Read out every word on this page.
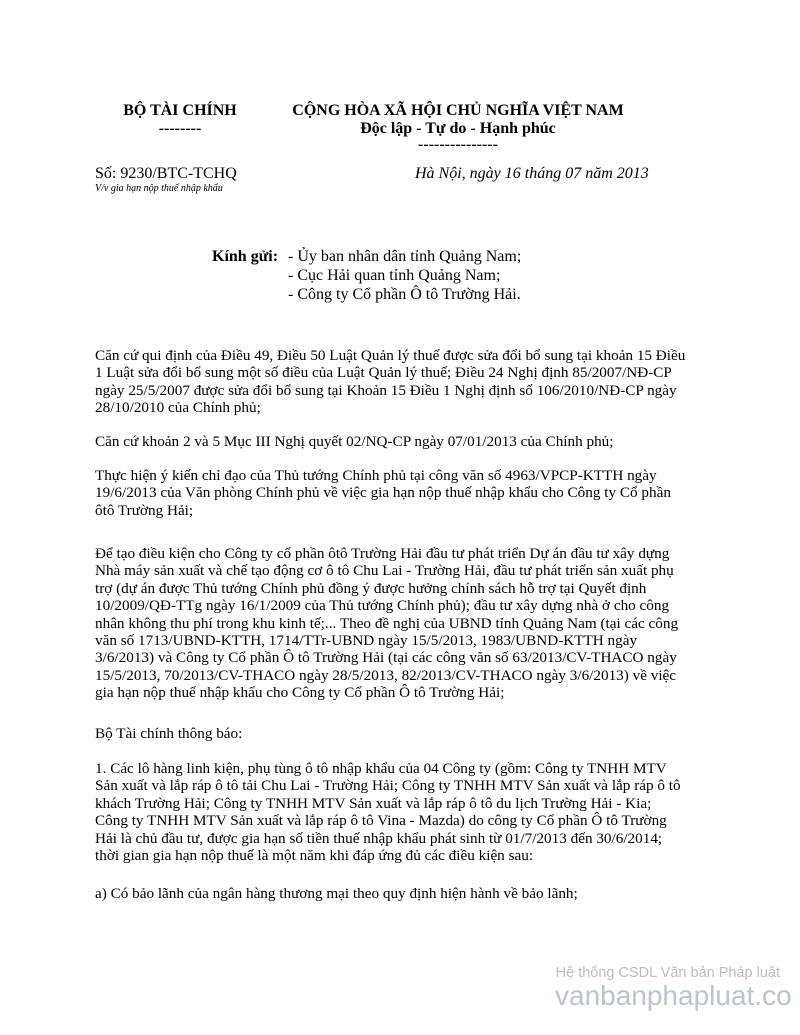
BỘ TÀI CHÍNH
--------
CỘNG HÒA XÃ HỘI CHỦ NGHĨA VIỆT NAM
Độc lập - Tự do - Hạnh phúc
---------------
Số: 9230/BTC-TCHQ
V/v gia hạn nộp thuế nhập khẩu
Hà Nội, ngày 16 tháng 07 năm 2013
Kính gửi: - Ủy ban nhân dân tỉnh Quảng Nam;
- Cục Hải quan tỉnh Quảng Nam;
- Công ty Cổ phần Ô tô Trường Hải.
Căn cứ qui định của Điều 49, Điều 50 Luật Quản lý thuế được sửa đổi bổ sung tại khoản 15 Điều
1 Luật sửa đổi bổ sung một số điều của Luật Quản lý thuế; Điều 24 Nghị định 85/2007/NĐ-CP
ngày 25/5/2007 được sửa đổi bổ sung tại Khoản 15 Điều 1 Nghị định số 106/2010/NĐ-CP ngày
28/10/2010 của Chính phủ;
Căn cứ khoản 2 và 5 Mục III Nghị quyết 02/NQ-CP ngày 07/01/2013 của Chính phủ;
Thực hiện ý kiến chỉ đạo của Thủ tướng Chính phủ tại công văn số 4963/VPCP-KTTH ngày
19/6/2013 của Văn phòng Chính phủ về việc gia hạn nộp thuế nhập khẩu cho Công ty Cổ phần
ôtô Trường Hải;
Để tạo điều kiện cho Công ty cổ phần ôtô Trường Hải đầu tư phát triển Dự án đầu tư xây dựng
Nhà máy sản xuất và chế tạo động cơ ô tô Chu Lai - Trường Hải, đầu tư phát triển sản xuất phụ
trợ (dự án được Thủ tướng Chính phủ đồng ý được hưởng chính sách hỗ trợ tại Quyết định
10/2009/QĐ-TTg ngày 16/1/2009 của Thủ tướng Chính phủ); đầu tư xây dựng nhà ở cho công
nhân không thu phí trong khu kinh tế;... Theo đề nghị của UBND tỉnh Quảng Nam (tại các công
văn số 1713/UBND-KTTH, 1714/TTr-UBND ngày 15/5/2013, 1983/UBND-KTTH ngày
3/6/2013) và Công ty Cổ phần Ô tô Trường Hải (tại các công văn số 63/2013/CV-THACO ngày
15/5/2013, 70/2013/CV-THACO ngày 28/5/2013, 82/2013/CV-THACO ngày 3/6/2013) về việc
gia hạn nộp thuế nhập khẩu cho Công ty Cổ phần Ô tô Trường Hải;
Bộ Tài chính thông báo:
1. Các lô hàng linh kiện, phụ tùng ô tô nhập khẩu của 04 Công ty (gồm: Công ty TNHH MTV
Sản xuất và lắp ráp ô tô tải Chu Lai - Trường Hải; Công ty TNHH MTV Sản xuất và lắp ráp ô tô
khách Trường Hải; Công ty TNHH MTV Sản xuất và lắp ráp ô tô du lịch Trường Hải - Kia;
Công ty TNHH MTV Sản xuất và lắp ráp ô tô Vina - Mazda) do công ty Cổ phần Ô tô Trường
Hải là chủ đầu tư, được gia hạn số tiền thuế nhập khẩu phát sinh từ 01/7/2013 đến 30/6/2014;
thời gian gia hạn nộp thuế là một năm khi đáp ứng đủ các điều kiện sau:
a) Có bảo lãnh của ngân hàng thương mại theo quy định hiện hành về bảo lãnh;
Hệ thống CSDL Văn bản Pháp luật
vanbanphapluat.co
